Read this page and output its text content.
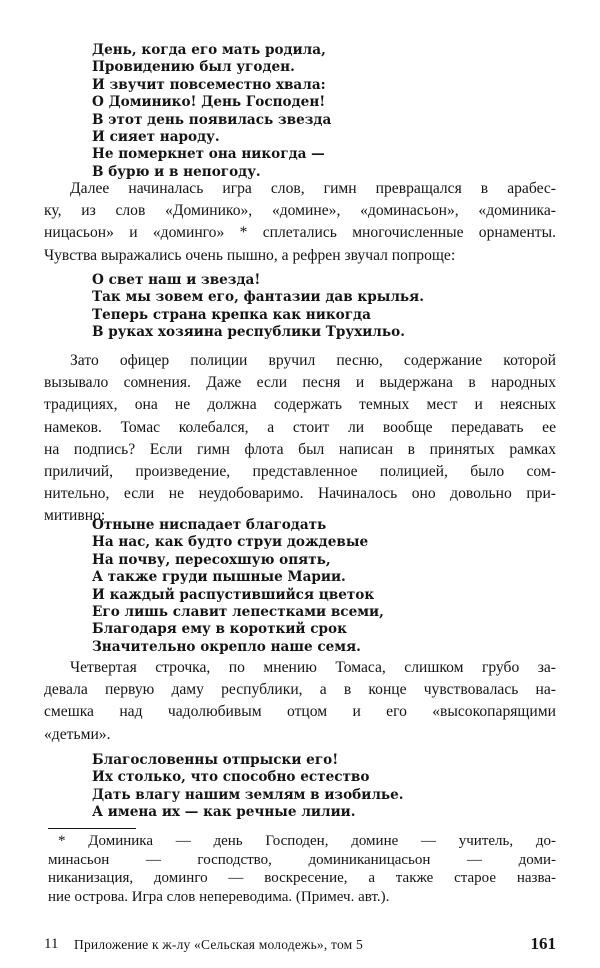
День, когда его мать родила,
Провидению был угоден.
И звучит повсеместно хвала:
О Доминико! День Господен!
В этот день появилась звезда
И сияет народу.
Не померкнет она никогда —
В бурю и в непогоду.
Далее начиналась игра слов, гимн превращался в арабес-
ку, из слов «Доминико», «домине», «доминасьон», «доминика-
ницасьон» и «доминго» * сплетались многочисленные орнаменты.
Чувства выражались очень пышно, а рефрен звучал попроще:
О свет наш и звезда!
Так мы зовем его, фантазии дав крылья.
Теперь страна крепка как никогда
В руках хозяина республики Трухильо.
Зато офицер полиции вручил песню, содержание которой
вызывало сомнения. Даже если песня и выдержана в народных
традициях, она не должна содержать темных мест и неясных
намеков. Томас колебался, а стоит ли вообще передавать ее
на подпись? Если гимн флота был написан в принятых рамках
приличий, произведение, представленное полицией, было сом-
нительно, если не неудобоваримо. Начиналось оно довольно при-
митивно:
Отныне ниспадает благодать
На нас, как будто струи дождевые
На почву, пересохшую опять,
А также груди пышные Марии.
И каждый распустившийся цветок
Его лишь славит лепестками всеми,
Благодаря ему в короткий срок
Значительно окрепло наше семя.
Четвертая строчка, по мнению Томаса, слишком грубо за-
девала первую даму республики, а в конце чувствовалась на-
смешка над чадолюбивым отцом и его «высокопарящими
«детьми».
Благословенны отпрыски его!
Их столько, что способно естество
Дать влагу нашим землям в изобилье.
А имена их — как речные лилии.
* Доминика — день Господен, домине — учитель, до-
минасьон — господство, доминиканицасьон — доми-
никанизация, доминго — воскресение, а также старое назва-
ние острова. Игра слов непереводима. (Примеч. авт.).
11 Приложение к ж-лу «Сельская молодежь», том 5	161
